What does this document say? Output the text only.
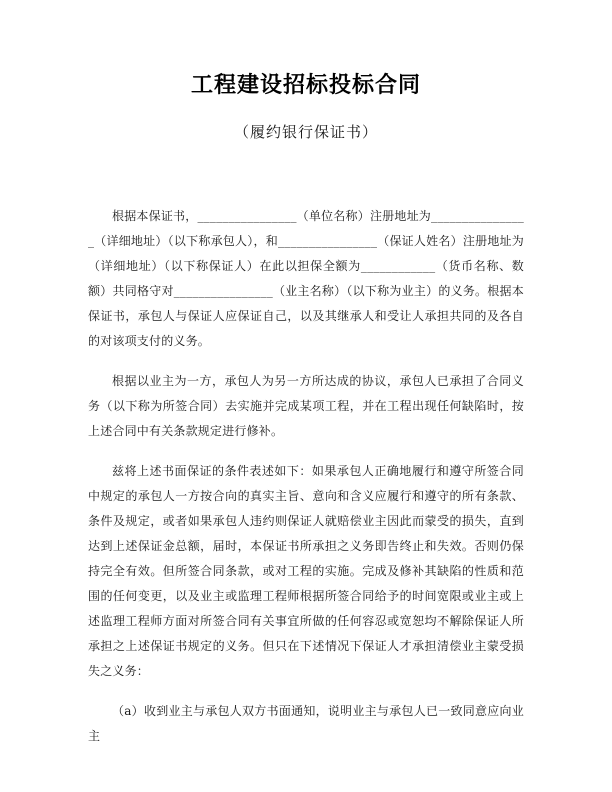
工程建设招标投标合同
（履约银行保证书）

根据本保证书，________________（单位名称）注册地址为________________（详细地址）（以下称承包人），和________________（保证人姓名）注册地址为（详细地址）（以下称保证人）在此以担保全额为____________（货币名称、数额）共同格守对________________（业主名称）（以下称为业主）的义务。根据本保证书，承包人与保证人应保证自己，以及其继承人和受让人承担共同的及各自的对该项支付的义务。

根据以业主为一方，承包人为另一方所达成的协议，承包人已承担了合同义务（以下称为所签合同）去实施并完成某项工程，并在工程出现任何缺陷时，按上述合同中有关条款规定进行修补。

兹将上述书面保证的条件表述如下：如果承包人正确地履行和遵守所签合同中规定的承包人一方按合向的真实主旨、意向和含义应履行和遵守的所有条款、条件及规定，或者如果承包人违约则保证人就赔偿业主因此而蒙受的损失，直到达到上述保证金总额，届时，本保证书所承担之义务即告终止和失效。否则仍保持完全有效。但所签合同条款，或对工程的实施。完成及修补其缺陷的性质和范围的任何变更，以及业主或监理工程师根据所签合同给予的时间宽限或业主或上述监理工程师方面对所签合同有关事宜所做的任何容忍或宽恕均不解除保证人所承担之上述保证书规定的义务。但只在下述情况下保证人才承担清偿业主蒙受损失之义务：

（a）收到业主与承包人双方书面通知，说明业主与承包人已一致同意应向业主
